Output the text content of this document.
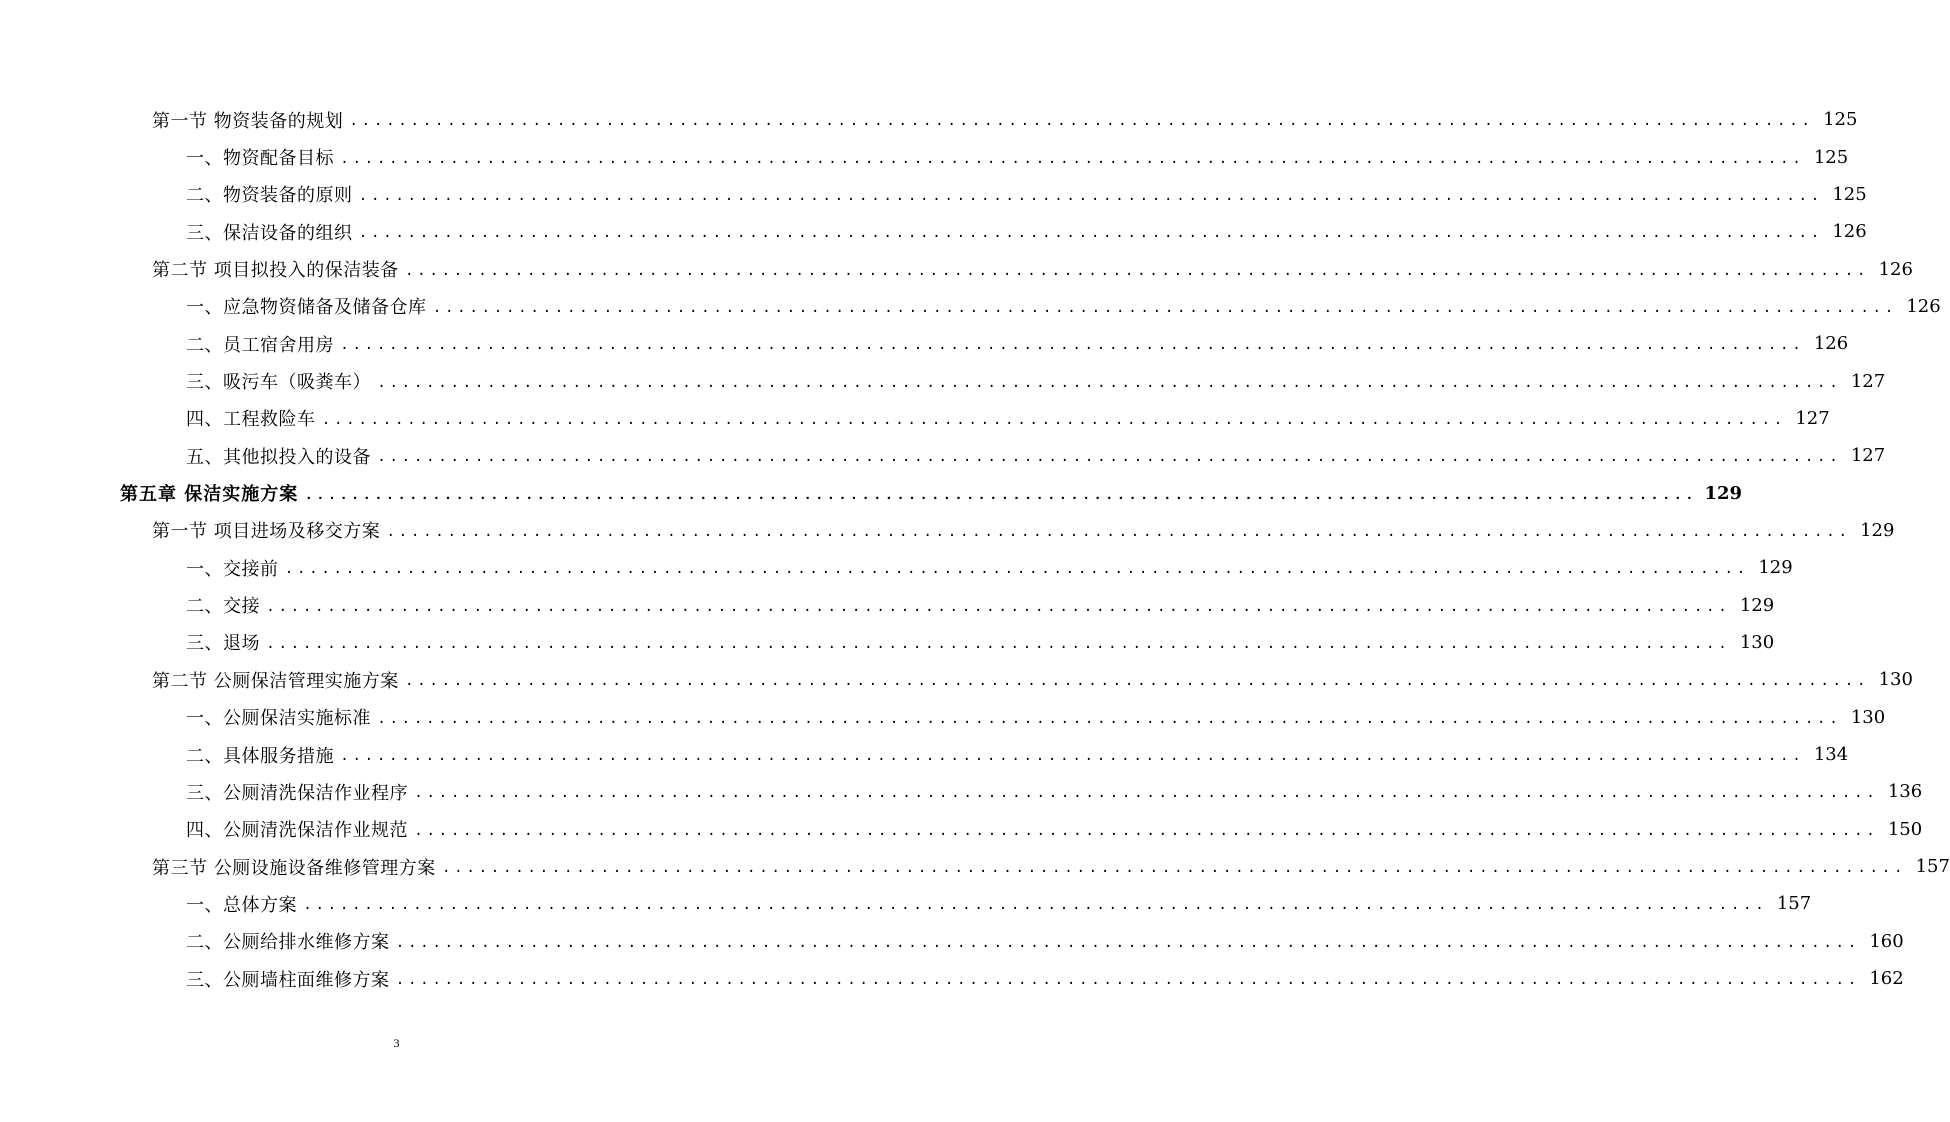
第一节 物资装备的规划 ........................................................................................................................ 125
一、物资配备目标 ........................................................................................................................ 125
二、物资装备的原则 ........................................................................................................................ 125
三、保洁设备的组织 ........................................................................................................................ 126
第二节 项目拟投入的保洁装备 ........................................................................................................................ 126
一、应急物资储备及储备仓库 ........................................................................................................................ 126
二、员工宿舍用房 ........................................................................................................................ 126
三、吸污车（吸粪车） ........................................................................................................................ 127
四、工程救险车 ........................................................................................................................ 127
五、其他拟投入的设备 ........................................................................................................................ 127
第五章 保洁实施方案 ........................................................................................................................ 129
第一节 项目进场及移交方案 ........................................................................................................................ 129
一、交接前 ........................................................................................................................ 129
二、交接 ........................................................................................................................ 129
三、退场 ........................................................................................................................ 130
第二节 公厕保洁管理实施方案 ........................................................................................................................ 130
一、公厕保洁实施标准 ........................................................................................................................ 130
二、具体服务措施 ........................................................................................................................ 134
三、公厕清洗保洁作业程序 ........................................................................................................................ 136
四、公厕清洗保洁作业规范 ........................................................................................................................ 150
第三节 公厕设施设备维修管理方案 ........................................................................................................................ 157
一、总体方案 ........................................................................................................................ 157
二、公厕给排水维修方案 ........................................................................................................................ 160
三、公厕墙柱面维修方案 ........................................................................................................................ 162
3
